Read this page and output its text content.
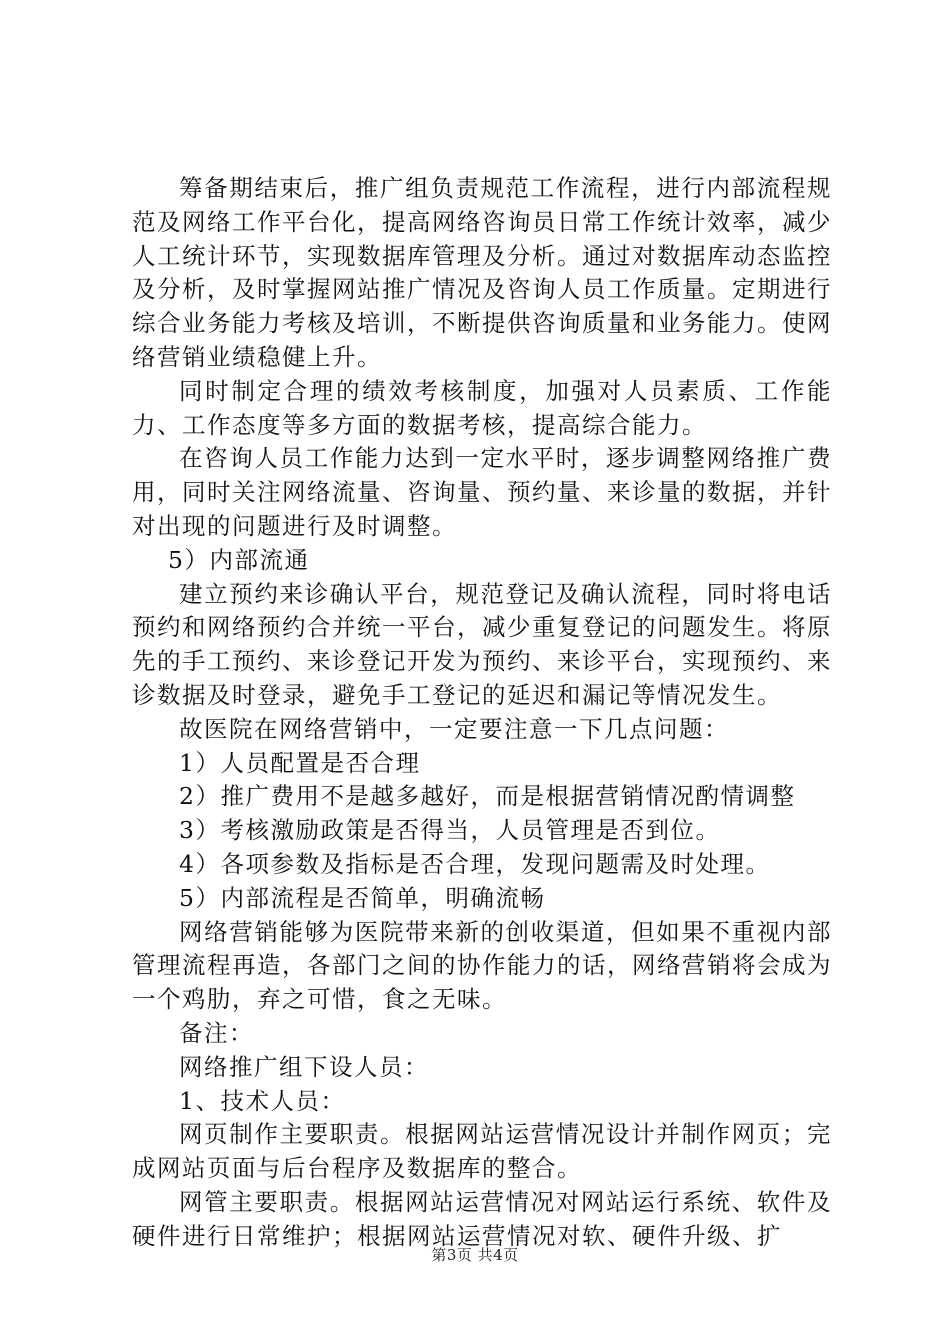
筹备期结束后，推广组负责规范工作流程，进行内部流程规范及网络工作平台化，提高网络咨询员日常工作统计效率，减少人工统计环节，实现数据库管理及分析。通过对数据库动态监控及分析，及时掌握网站推广情况及咨询人员工作质量。定期进行综合业务能力考核及培训，不断提供咨询质量和业务能力。使网络营销业绩稳健上升。

同时制定合理的绩效考核制度，加强对人员素质、工作能力、工作态度等多方面的数据考核，提高综合能力。

在咨询人员工作能力达到一定水平时，逐步调整网络推广费用，同时关注网络流量、咨询量、预约量、来诊量的数据，并针对出现的问题进行及时调整。

5）内部流通

建立预约来诊确认平台，规范登记及确认流程，同时将电话预约和网络预约合并统一平台，减少重复登记的问题发生。将原先的手工预约、来诊登记开发为预约、来诊平台，实现预约、来诊数据及时登录，避免手工登记的延迟和漏记等情况发生。

故医院在网络营销中，一定要注意一下几点问题：

1）人员配置是否合理

2）推广费用不是越多越好，而是根据营销情况酌情调整

3）考核激励政策是否得当，人员管理是否到位。

4）各项参数及指标是否合理，发现问题需及时处理。

5）内部流程是否简单，明确流畅

网络营销能够为医院带来新的创收渠道，但如果不重视内部管理流程再造，各部门之间的协作能力的话，网络营销将会成为一个鸡肋，弃之可惜，食之无味。

备注：

网络推广组下设人员：

1、技术人员：

网页制作主要职责。根据网站运营情况设计并制作网页；完成网站页面与后台程序及数据库的整合。

网管主要职责。根据网站运营情况对网站运行系统、软件及硬件进行日常维护；根据网站运营情况对软、硬件升级、扩

第3页 共4页
